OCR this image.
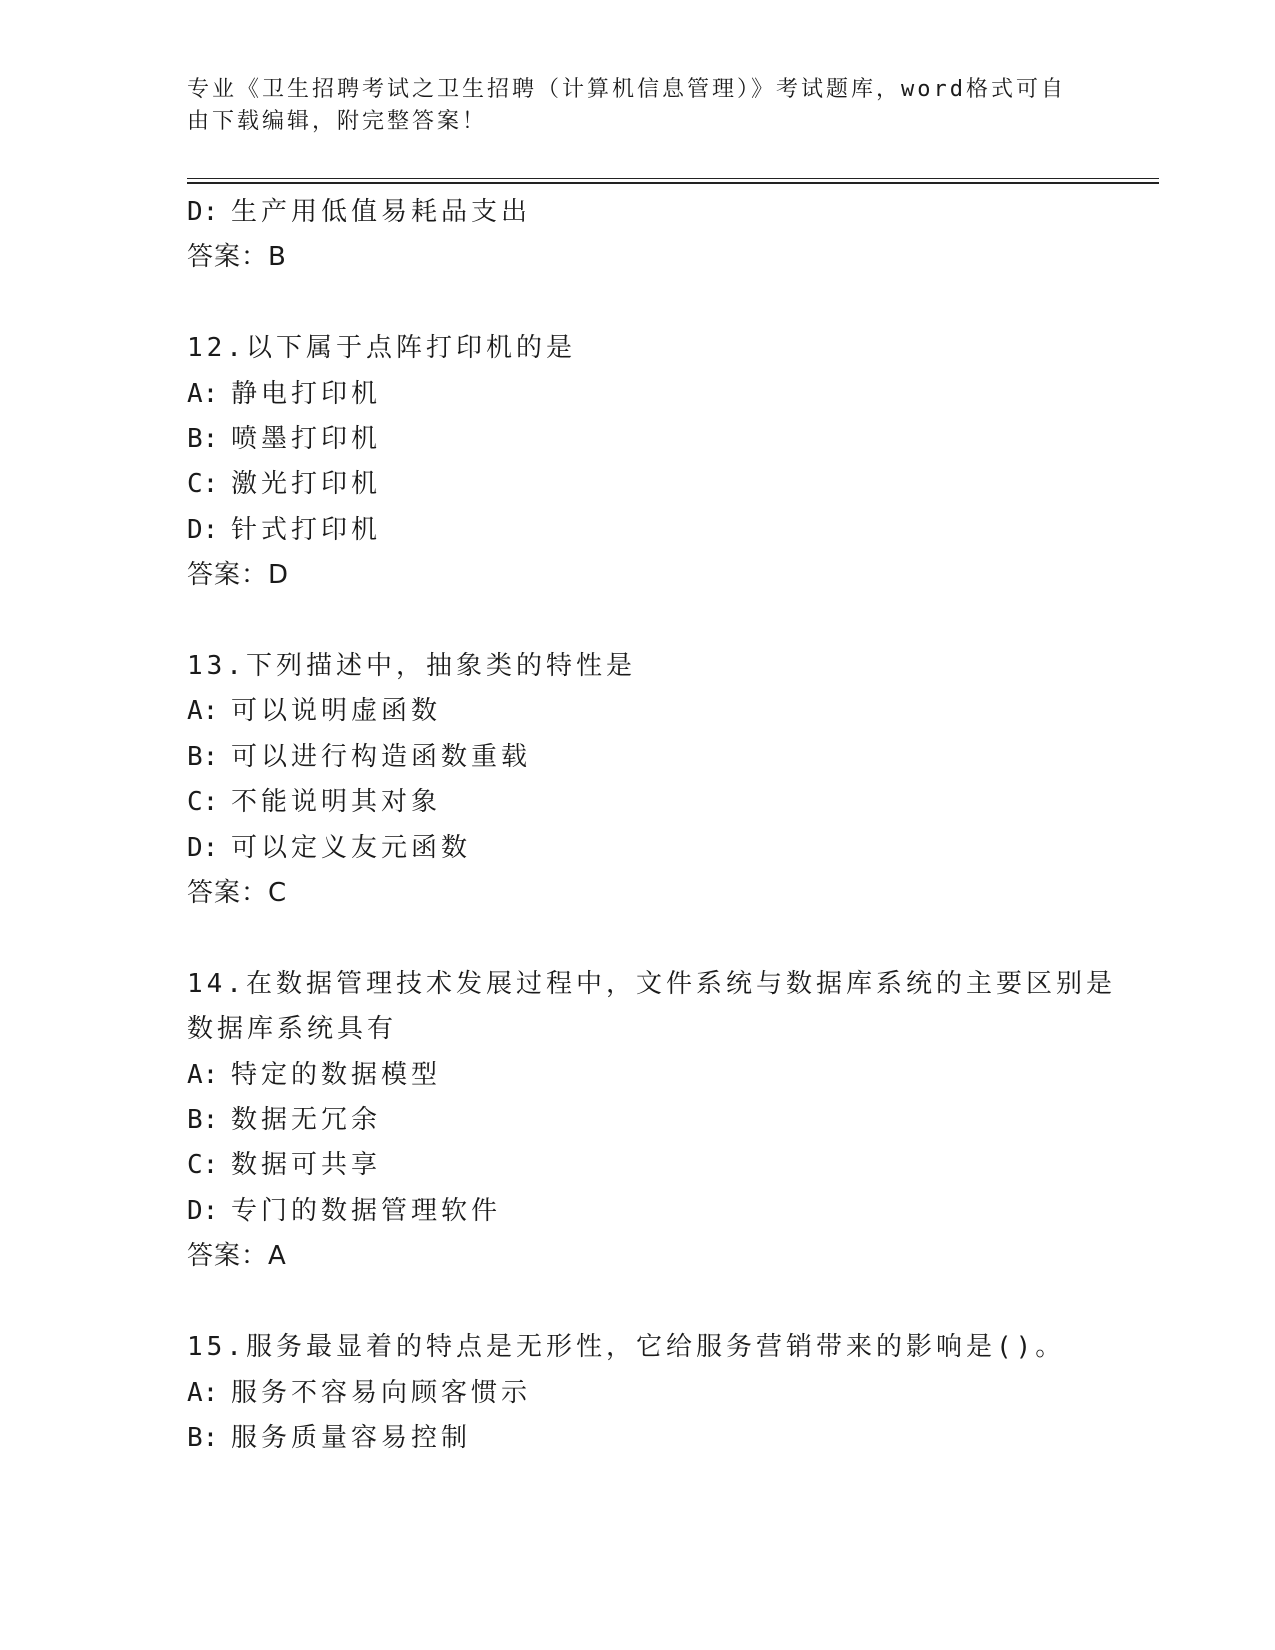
专业《卫生招聘考试之卫生招聘（计算机信息管理）》考试题库，word格式可自
由下载编辑，附完整答案！
D: 生产用低值易耗品支出
答案：B
12.以下属于点阵打印机的是
A: 静电打印机
B: 喷墨打印机
C: 激光打印机
D: 针式打印机
答案：D
13.下列描述中，抽象类的特性是
A: 可以说明虚函数
B: 可以进行构造函数重载
C: 不能说明其对象
D: 可以定义友元函数
答案：C
14.在数据管理技术发展过程中，文件系统与数据库系统的主要区别是
数据库系统具有
A: 特定的数据模型
B: 数据无冗余
C: 数据可共享
D: 专门的数据管理软件
答案：A
15.服务最显着的特点是无形性，它给服务营销带来的影响是()。
A: 服务不容易向顾客惯示
B: 服务质量容易控制
